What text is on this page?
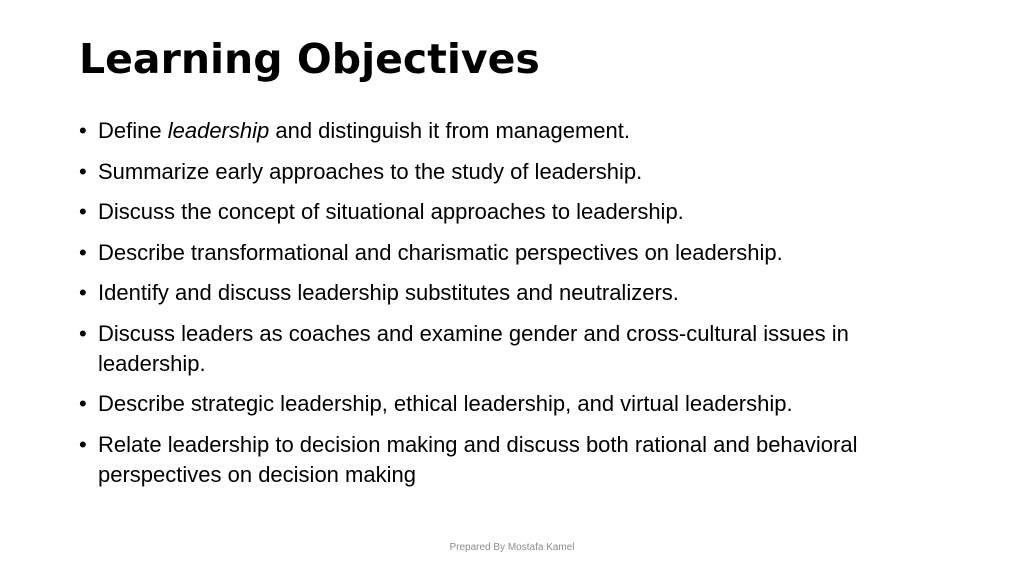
Learning Objectives
• Define leadership and distinguish it from management.
• Summarize early approaches to the study of leadership.
• Discuss the concept of situational approaches to leadership.
• Describe transformational and charismatic perspectives on leadership.
• Identify and discuss leadership substitutes and neutralizers.
• Discuss leaders as coaches and examine gender and cross-cultural issues in leadership.
• Describe strategic leadership, ethical leadership, and virtual leadership.
• Relate leadership to decision making and discuss both rational and behavioral perspectives on decision making
Prepared By Mostafa Kamel
